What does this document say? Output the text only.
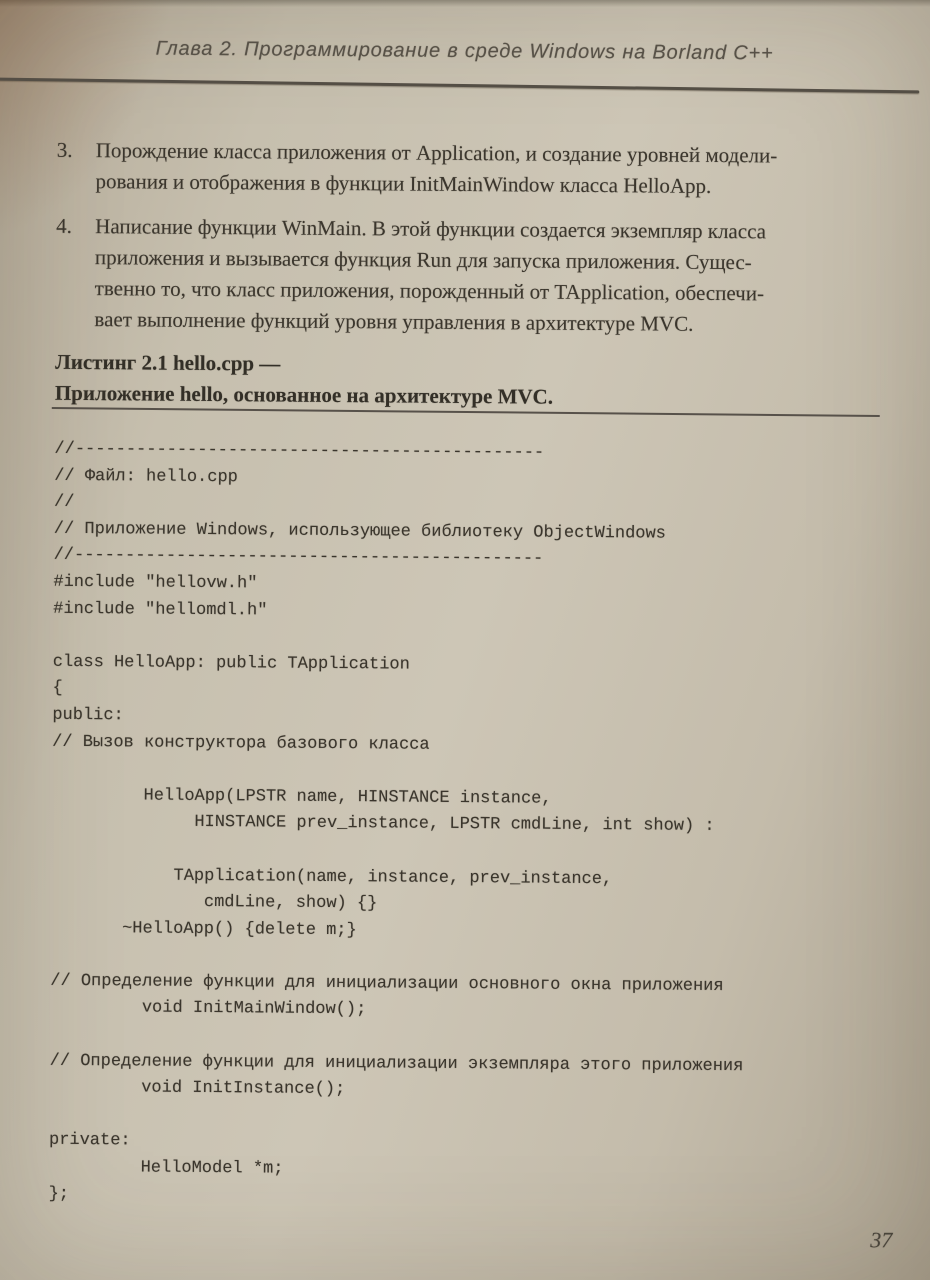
Глава 2. Программирование в среде Windows на Borland C++
3.	Порождение класса приложения от Application, и создание уровней модели-
рования и отображения в функции InitMainWindow класса HelloApp.
4.	Написание функции WinMain. В этой функции создается экземпляр класса
приложения и вызывается функция Run для запуска приложения. Сущес-
твенно то, что класс приложения, порожденный от TApplication, обеспечи-
вает выполнение функций уровня управления в архитектуре MVC.
Листинг 2.1 hello.cpp —
Приложение hello, основанное на архитектуре MVC.
//----------------------------------------------
// Файл: hello.cpp
//
// Приложение Windows, использующее библиотеку ObjectWindows
//----------------------------------------------
#include "hellovw.h"
#include "hellomdl.h"

class HelloApp: public TApplication
{
public:
// Вызов конструктора базового класса

HelloApp(LPSTR name, HINSTANCE instance,
HINSTANCE prev_instance, LPSTR cmdLine, int show) :

TApplication(name, instance, prev_instance,
cmdLine, show) {}
~HelloApp() {delete m;}

// Определение функции для инициализации основного окна приложения
void InitMainWindow();

// Определение функции для инициализации экземпляра этого приложения
void InitInstance();

private:
HelloModel *m;
};
37
